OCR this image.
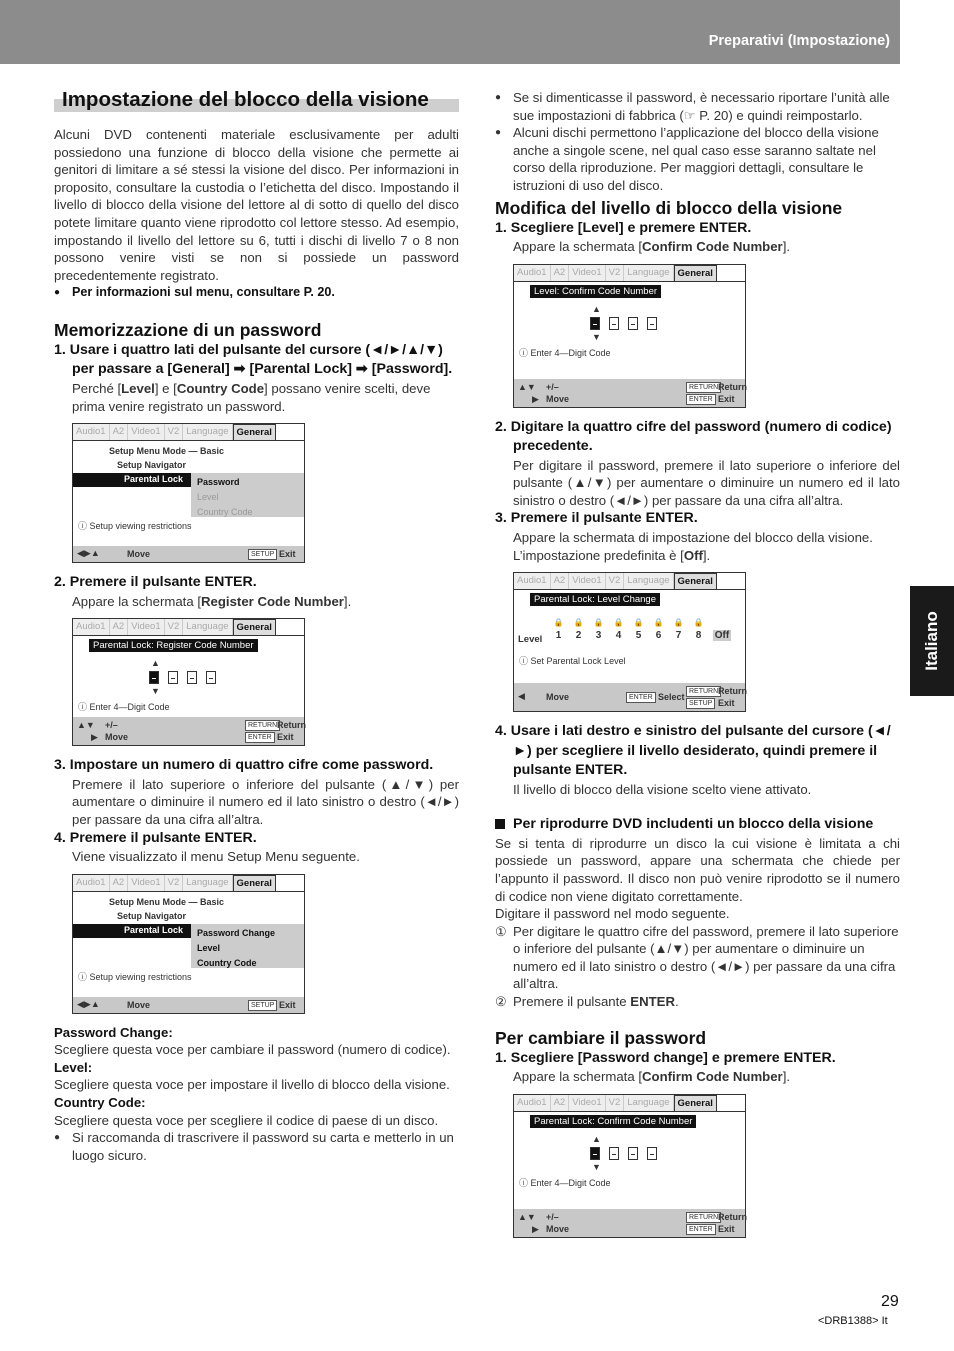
Preparativi (Impostazione)
Italiano
Impostazione del blocco della visione

Alcuni DVD contenenti materiale esclusivamente per adulti possiedono una funzione di blocco della visione che permette ai genitori di limitare a sé stessi la visione del disco. Per informazioni in proposito, consultare la custodia o l’etichetta del disco. Impostando il livello di blocco della visione del lettore al di sotto di quello del disco potete limitare quanto viene riprodotto col lettore stesso. Ad esempio, impostando il livello del lettore su 6, tutti i dischi di livello 7 o 8 non possono venire visti se non si possiede un password precedentemente registrato.

● Per informazioni sul menu, consultare P. 20.
Memorizzazione di un password
1. Usare i quattro lati del pulsante del cursore (◄/►/▲/▼) per passare a [General] ➡ [Parental Lock] ➡ [Password].

Perché [Level] e [Country Code] possano venire scelti, deve prima venire registrato un password.

Audio1 A2 Video1 V2 Language General
Setup Menu Mode — Basic
Setup Navigator
Parental Lock	Password
Level
Country Code
ⓘ Setup viewing restrictions
◀▶▲	Move	SETUP Exit
2. Premere il pulsante ENTER.

Appare la schermata [Register Code Number].

Audio1 A2 Video1 V2 Language General
Parental Lock: Register Code Number
▲
▼
ⓘ Enter 4—Digit Code
▲▼ +/–
▶ Move
RETURN Return
ENTER Exit
3. Impostare un numero di quattro cifre come password.

Premere il lato superiore o inferiore del pulsante (▲/▼) per aumentare o diminuire il numero ed il lato sinistro o destro (◄/►) per passare da una cifra all’altra.

4. Premere il pulsante ENTER.

Viene visualizzato il menu Setup Menu seguente.

Audio1 A2 Video1 V2 Language General
Setup Menu Mode — Basic
Setup Navigator
Parental Lock	Password Change
Level
Country Code
ⓘ Setup viewing restrictions
◀▶▲	Move	SETUP Exit
Password Change:

Scegliere questa voce per cambiare il password (numero di codice).

Level:

Scegliere questa voce per impostare il livello di blocco della visione.

Country Code:

Scegliere questa voce per scegliere il codice di paese di un disco.

● Si raccomanda di trascrivere il password su carta e metterlo in un luogo sicuro.
● Se si dimenticasse il password, è necessario riportare l’unità alle sue impostazioni di fabbrica (☞ P. 20) e quindi reimpostarlo.
● Alcuni dischi permettono l’applicazione del blocco della visione anche a singole scene, nel qual caso esse saranno saltate nel corso della riproduzione. Per maggiori dettagli, consultare le istruzioni di uso del disco.
Modifica del livello di blocco della visione
1. Scegliere [Level] e premere ENTER.

Appare la schermata [Confirm Code Number].

Audio1 A2 Video1 V2 Language General
Level: Confirm Code Number
▲
▼
ⓘ Enter 4—Digit Code
▲▼ +/–
▶ Move
RETURN Return
ENTER Exit
2. Digitare la quattro cifre del password (numero di codice) precedente.

Per digitare il password, premere il lato superiore o inferiore del pulsante (▲/▼) per aumentare o diminuire un numero ed il lato sinistro o destro (◄/►) per passare da una cifra all’altra.

3. Premere il pulsante ENTER.

Appare la schermata di impostazione del blocco della visione. L’impostazione predefinita è [Off].

Audio1 A2 Video1 V2 Language General
Parental Lock: Level Change
Level
🔒
1
🔒
2
🔒
3
🔒
4
🔒
5
🔒
6
🔒
7
🔒
8 Off
ⓘ Set Parental Lock Level
◀ Move	ENTER Select
RETURN Return
SETUP Exit
4. Usare i lati destro e sinistro del pulsante del cursore (◄/►) per scegliere il livello desiderato, quindi premere il pulsante ENTER.

Il livello di blocco della visione scelto viene attivato.

Per riprodurre DVD includenti un blocco della visione

Se si tenta di riprodurre un disco la cui visione è limitata a chi possiede un password, appare una schermata che chiede per l’appunto il password. Il disco non può venire riprodotto se il numero di codice non viene digitato correttamente.

Digitare il password nel modo seguente.

① Per digitare le quattro cifre del password, premere il lato superiore o inferiore del pulsante (▲/▼) per aumentare o diminuire un numero ed il lato sinistro o destro (◄/►) per passare da una cifra all’altra.
② Premere il pulsante ENTER.
Per cambiare il password
1. Scegliere [Password change] e premere ENTER.

Appare la schermata [Confirm Code Number].

Audio1 A2 Video1 V2 Language General
Parental Lock: Confirm Code Number
▲
▼
ⓘ Enter 4—Digit Code
▲▼ +/–
▶ Move
RETURN Return
ENTER Exit
29
<DRB1388> It
